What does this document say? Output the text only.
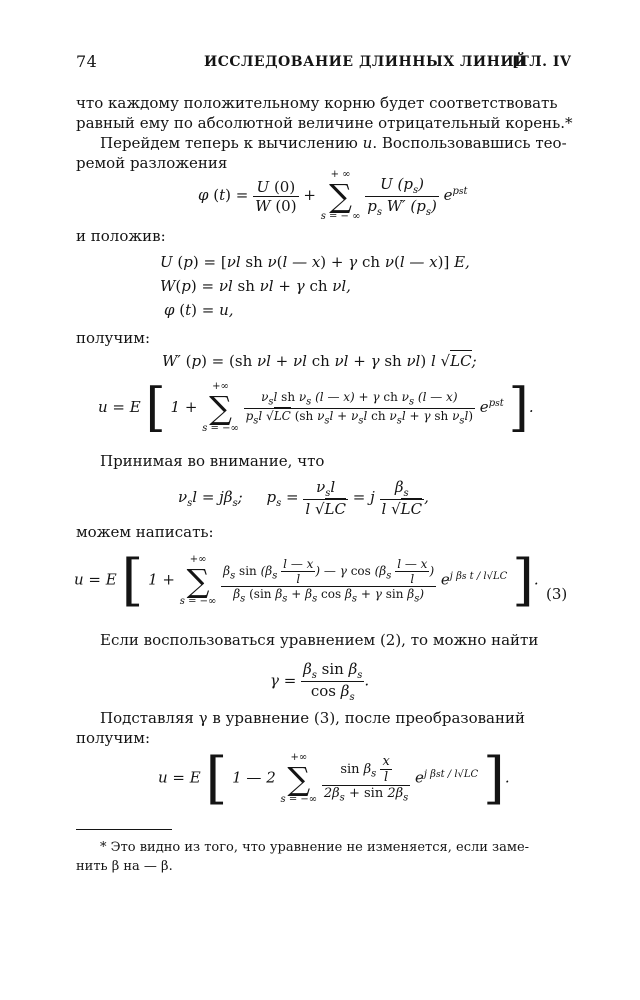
74	ИССЛЕДОВАНИЕ ДЛИННЫХ ЛИНИЙ
[ГЛ. IV
что каждому положительному корню будет соответствовать
равный ему по абсолютной величине отрицательный корень.*
Перейдем теперь к вычислению u. Воспользовавшись тео-
ремой разложения
φ $(t) = \frac{U (0)}{W (0)}$ +
+ ∞
∑
s = − ∞
$\frac{U (p_s)}{p_s W' (p_s)} e^{pst}$
и положив:
U (p) = [νl sh ν(l — x) + γ ch ν(l — x)] E,
W(p) = νl sh νl + γ ch νl,
φ (t) = u,
получим:
W′ (p) = (sh νl + νl ch νl + γ sh νl) l √LC;
u = E [ 1 +
+∞
∑
s = −∞

$\frac{\nu_sl sh \nu_s (l — x) + \gamma ch \nu_s (l — x)}{p_sl √LC (sh \nu_sl + \nu_sl ch \nu_sl + \gamma sh \nu_sl)} e^{pst}$ ].
Принимая во внимание, что
$\nu_sl = j\beta_s$;     $p_s = \frac{\nu_sl}{l √LC} = j \frac{\beta_s}{l √LC}$ ,
можем написать:
u = E [ 1 +
+∞
∑
s = −∞
$\frac{\beta_s \sin (\beta_s \frac{l — x}{l} ) — \gamma \cos (\beta_s \frac{l — x}{l} )}{\beta_s (\sin \beta_s + \beta_s \cos \beta_s + \gamma \sin \beta_s)} e^{j \beta s t / l√LC}$ ].
(3)
Если воспользоваться уравнением (2), то можно найти
$\gamma = \frac{\beta_s \sin \beta_s}{\cos \beta_s}$ .
Подставляя γ в уравнение (3), после преобразований
получим:
u = E [ 1 — 2
+∞
∑
s = −∞
$\frac{\sin \beta_s \frac{x}{l}}{2\beta_s + \sin 2\beta_s} e^{j \beta st / l√LC}$ ].
* Это видно из того, что уравнение не изменяется, если заме-
нить β на — β.
